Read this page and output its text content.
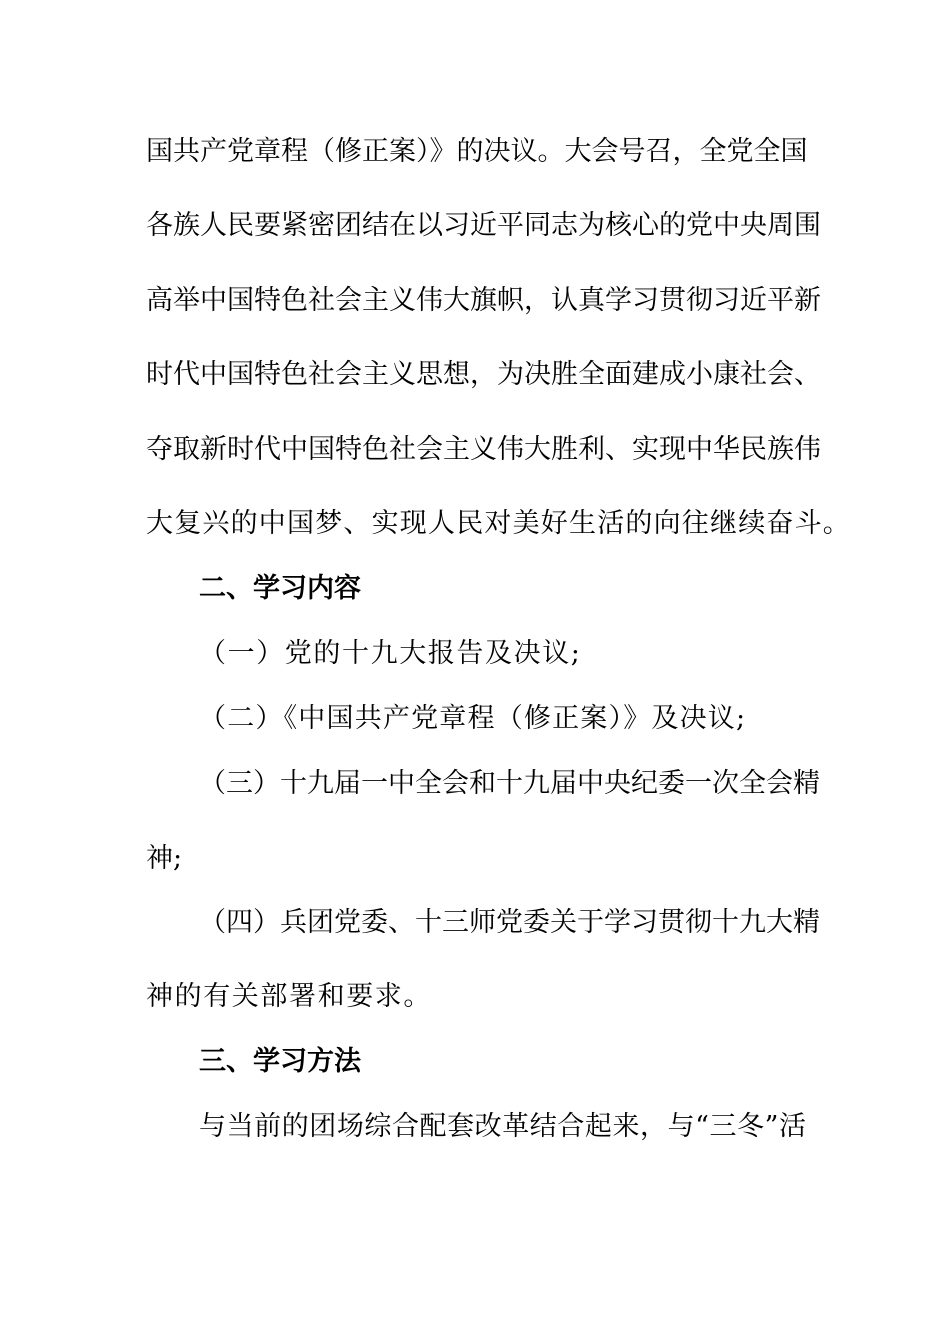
国共产党章程（修正案）》的决议。大会号召，全党全国
各族人民要紧密团结在以习近平同志为核心的党中央周围
高举中国特色社会主义伟大旗帜，认真学习贯彻习近平新
时代中国特色社会主义思想，为决胜全面建成小康社会、
夺取新时代中国特色社会主义伟大胜利、实现中华民族伟
大复兴的中国梦、实现人民对美好生活的向往继续奋斗。
二、学习内容
（一）党的十九大报告及决议;
（二）《中国共产党章程（修正案）》及决议;
（三）十九届一中全会和十九届中央纪委一次全会精
神;
（四）兵团党委、十三师党委关于学习贯彻十九大精
神的有关部署和要求。
三、学习方法
与当前的团场综合配套改革结合起来，与“三冬”活
